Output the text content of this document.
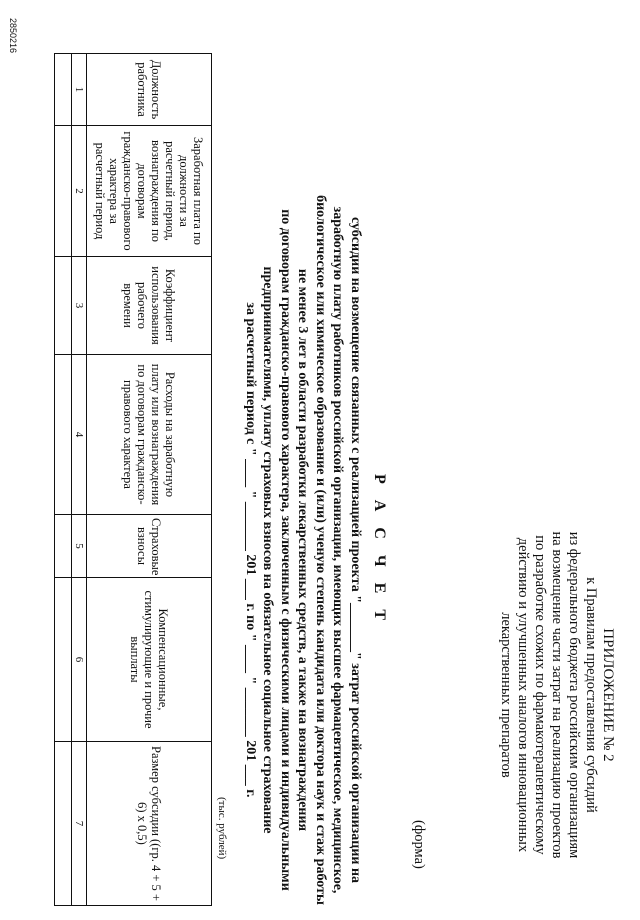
ПРИЛОЖЕНИЕ № 2
к Правилам предоставления субсидий
из федерального бюджета российским организациям
на возмещение части затрат на реализацию проектов
по разработке схожих по фармакотерапевтическому
действию и улучшенных аналогов инновационных
лекарственных препаратов
(форма)
Р А С Ч Е Т
субсидии на возмещение связанных с реализацией проекта "_______" затрат российской организации на
заработную плату работников российской организации, имеющих высшее фармацевтическое, медицинское,
биологическое или химическое образование и (или) ученую степень кандидата или доктора наук и стаж работы
не менее 3 лет в области разработки лекарственных средств, а также на вознаграждения
по договорам гражданско-правового характера, заключенным с физическими лицами и индивидуальными
предпринимателями, уплату страховых взносов на обязательное социальное страхование
за расчетный период с " ____ " _______ 201 ___ г. по " ____ " _______ 201 ___ г.
(тыс. рублей)
Должность работника	Заработная плата по должности за расчетный период, вознаграждения по договорам гражданско-правового характера за расчетный период	Коэффициент использования рабочего времени	Расходы на заработную плату или вознаграждения по договорам гражданско-правового характера	Страховые взносы	Компенсационные, стимулирующие и прочие выплаты	Размер субсидии ((гр. 4 + 5 + 6) х 0,5)
1	2	3	4	5	6	7

2850216
